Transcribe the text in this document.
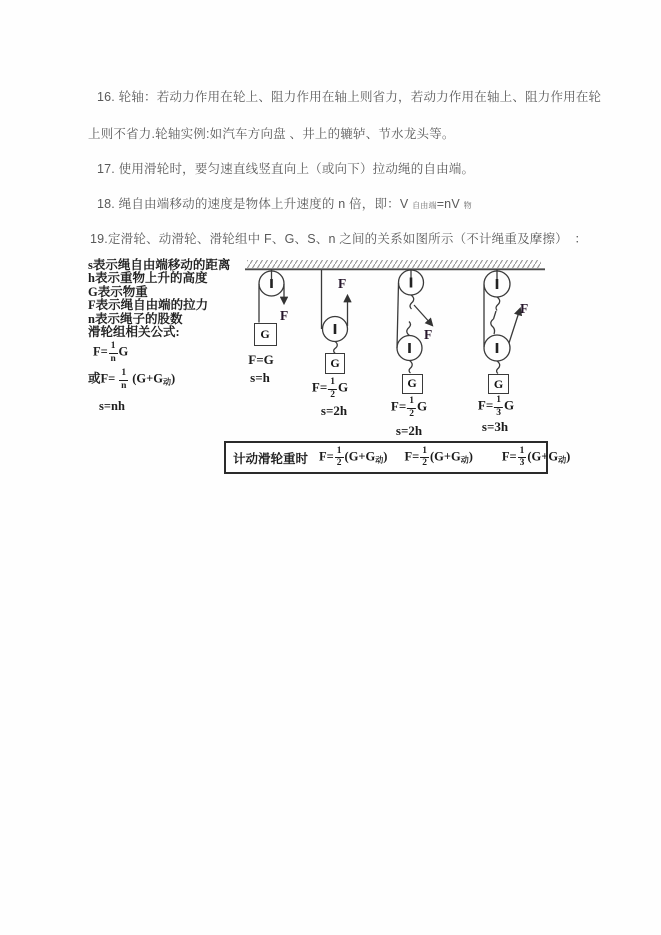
16. 轮轴：若动力作用在轮上、阻力作用在轴上则省力，若动力作用在轴上、阻力作用在轮
上则不省力.轮轴实例:如汽车方向盘 、井上的辘轳、节水龙头等。
17. 使用滑轮时，要匀速直线竖直向上（或向下）拉动绳的自由端。
18. 绳自由端移动的速度是物体上升速度的 n 倍，即：V 自由端=nV 物
19.定滑轮、动滑轮、滑轮组中 F、G、S、n 之间的关系如图所示（不计绳重及摩擦）　：
s表示绳自由端移动的距离
h表示重物上升的高度
G表示物重
F表示绳自由端的拉力
n表示绳子的股数
滑轮组相关公式:
$F= \frac{1}{n}$ G
或$F= \frac{1}{n} (G+G$动)
s=nh
G
G
G	G
F
F
F
F
F=G
s=h
$F= \frac{1}{2}$ G
s=2h	$F= \frac{1}{2}$ G
s=2h
$F= \frac{1}{3}$ G
s=3h
计动滑轮重时 $F= \frac{1}{2} (G+G$动) $F= \frac{1}{2} (G+G$动) $F= \frac{1}{3} (G+G$动)
